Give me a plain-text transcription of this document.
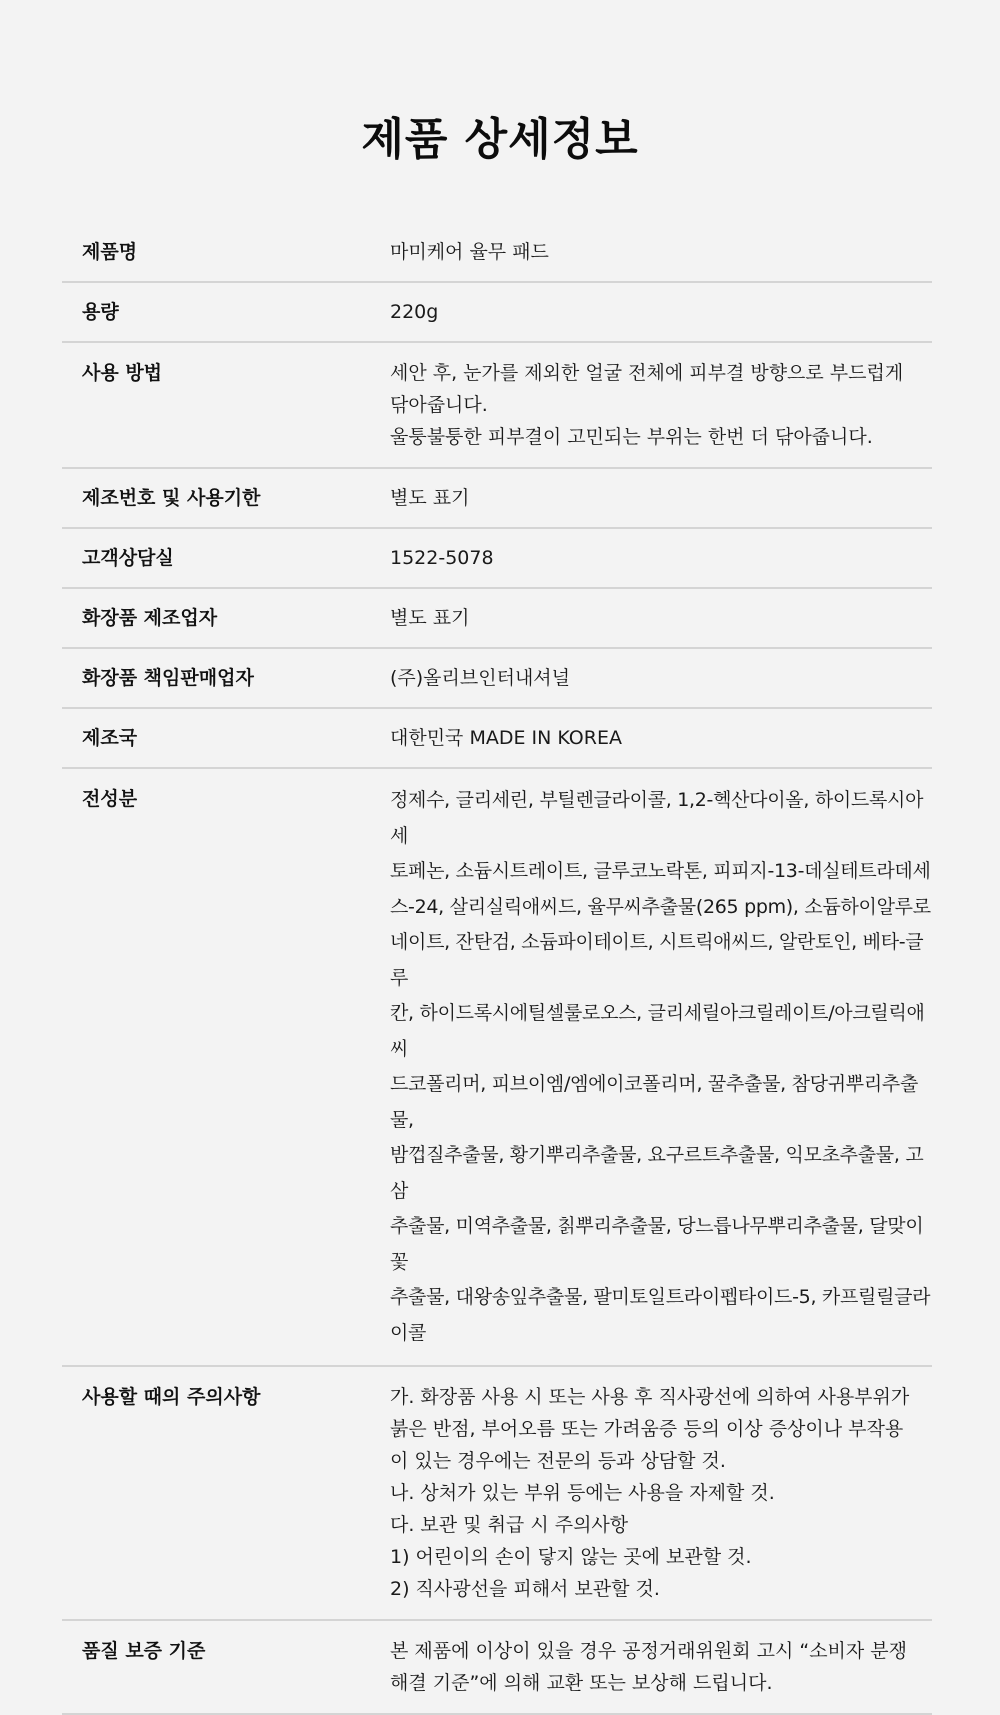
제품 상세정보
제품명	마미케어 율무 패드
용량	220g
사용 방법	세안 후, 눈가를 제외한 얼굴 전체에 피부결 방향으로 부드럽게
닦아줍니다.
울퉁불퉁한 피부결이 고민되는 부위는 한번 더 닦아줍니다.
제조번호 및 사용기한	별도 표기
고객상담실	1522-5078
화장품 제조업자	별도 표기
화장품 책임판매업자	(주)올리브인터내셔널
제조국	대한민국 MADE IN KOREA
전성분	정제수, 글리세린, 부틸렌글라이콜, 1,2-헥산다이올, 하이드록시아세
토페논, 소듐시트레이트, 글루코노락톤, 피피지-13-데실테트라데세
스-24, 살리실릭애씨드, 율무씨추출물(265 ppm), 소듐하이알루로
네이트, 잔탄검, 소듐파이테이트, 시트릭애씨드, 알란토인, 베타-글루
칸, 하이드록시에틸셀룰로오스, 글리세릴아크릴레이트/아크릴릭애씨
드코폴리머, 피브이엠/엠에이코폴리머, 꿀추출물, 참당귀뿌리추출물,
밤껍질추출물, 황기뿌리추출물, 요구르트추출물, 익모초추출물, 고삼
추출물, 미역추출물, 칡뿌리추출물, 당느릅나무뿌리추출물, 달맞이꽃
추출물, 대왕송잎추출물, 팔미토일트라이펩타이드-5, 카프릴릴글라이콜
사용할 때의 주의사항	가. 화장품 사용 시 또는 사용 후 직사광선에 의하여 사용부위가
붉은 반점, 부어오름 또는 가려움증 등의 이상 증상이나 부작용
이 있는 경우에는 전문의 등과 상담할 것.
나. 상처가 있는 부위 등에는 사용을 자제할 것.
다. 보관 및 취급 시 주의사항
1) 어린이의 손이 닿지 않는 곳에 보관할 것.
2) 직사광선을 피해서 보관할 것.
품질 보증 기준	본 제품에 이상이 있을 경우 공정거래위원회 고시 “소비자 분쟁
해결 기준”에 의해 교환 또는 보상해 드립니다.
